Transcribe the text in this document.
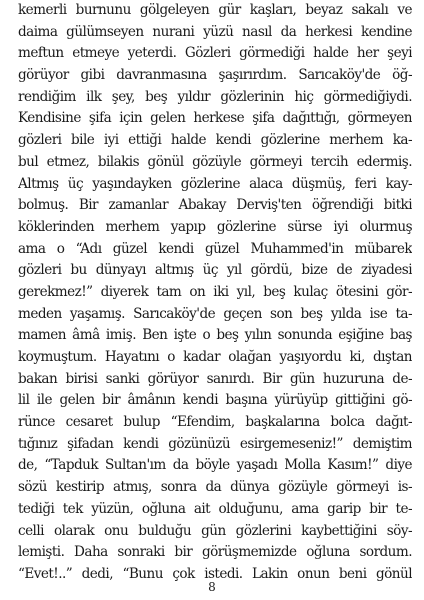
kemerli burnunu gölgeleyen gür kaşları, beyaz sakalı ve
daima gülümseyen nurani yüzü nasıl da herkesi kendine
meftun etmeye yeterdi. Gözleri görmediği halde her şeyi
görüyor gibi davranmasına şaşırırdım. Sarıcaköy'de öğ-
rendiğim ilk şey, beş yıldır gözlerinin hiç görmediğiydi.
Kendisine şifa için gelen herkese şifa dağıttığı, görmeyen
gözleri bile iyi ettiği halde kendi gözlerine merhem ka-
bul etmez, bilakis gönül gözüyle görmeyi tercih edermiş.
Altmış üç yaşındayken gözlerine alaca düşmüş, feri kay-
bolmuş. Bir zamanlar Abakay Derviş'ten öğrendiği bitki
köklerinden merhem yapıp gözlerine sürse iyi olurmuş
ama o “Adı güzel kendi güzel Muhammed'in mübarek
gözleri bu dünyayı altmış üç yıl gördü, bize de ziyadesi
gerekmez!” diyerek tam on iki yıl, beş kulaç ötesini gör-
meden yaşamış. Sarıcaköy'de geçen son beş yılda ise ta-
mamen âmâ imiş. Ben işte o beş yılın sonunda eşiğine baş
koymuştum. Hayatını o kadar olağan yaşıyordu ki, dıştan
bakan birisi sanki görüyor sanırdı. Bir gün huzuruna de-
lil ile gelen bir âmânın kendi başına yürüyüp gittiğini gö-
rünce cesaret bulup “Efendim, başkalarına bolca dağıt-
tığınız şifadan kendi gözünüzü esirgemeseniz!” demiştim
de, “Tapduk Sultan'ım da böyle yaşadı Molla Kasım!” diye
sözü kestirip atmış, sonra da dünya gözüyle görmeyi is-
tediği tek yüzün, oğluna ait olduğunu, ama garip bir te-
celli olarak onu bulduğu gün gözlerini kaybettiğini söy-
lemişti. Daha sonraki bir görüşmemizde oğluna sordum.
“Evet!..” dedi, “Bunu çok istedi. Lakin onun beni gönül
8
